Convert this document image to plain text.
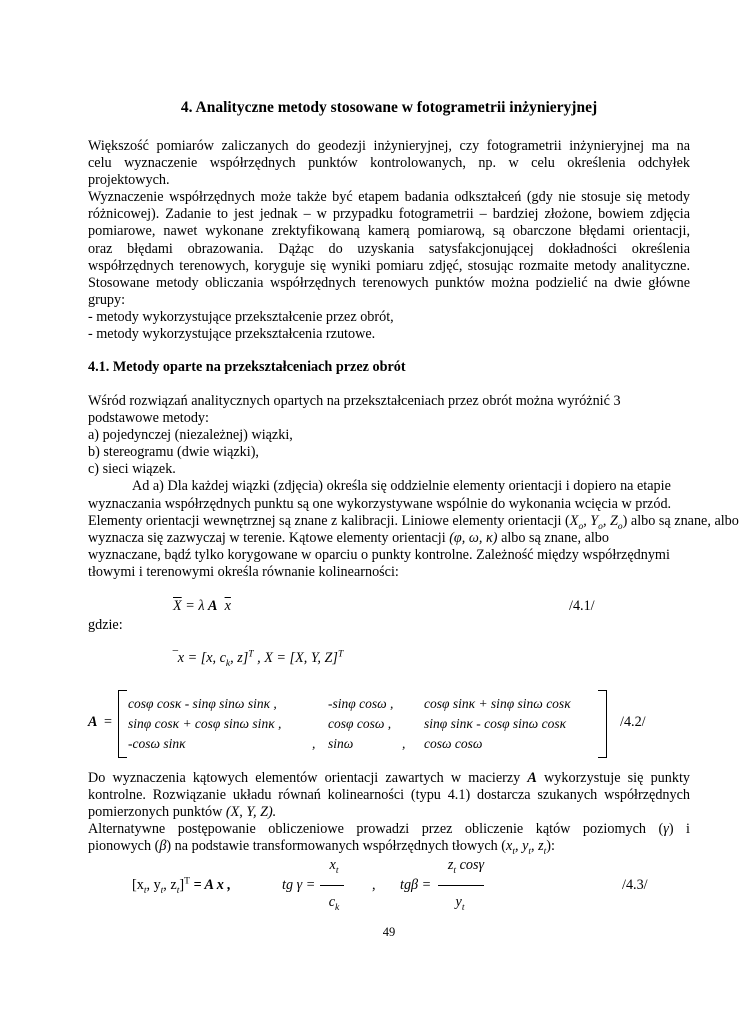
4. Analityczne metody stosowane w fotogrametrii inżynieryjnej
Większość pomiarów zaliczanych do geodezji inżynieryjnej, czy fotogrametrii inżynieryjnej ma na
celu wyznaczenie współrzędnych punktów kontrolowanych, np. w celu określenia odchyłek
projektowych.
Wyznaczenie współrzędnych może także być etapem badania odkształceń (gdy nie stosuje się metody
różnicowej). Zadanie to jest jednak – w przypadku fotogrametrii – bardziej złożone, bowiem zdjęcia
pomiarowe, nawet wykonane zrektyfikowaną kamerą pomiarową, są obarczone błędami orientacji,
oraz błędami obrazowania. Dążąc do uzyskania satysfakcjonującej dokładności określenia
współrzędnych terenowych, koryguje się wyniki pomiaru zdjęć, stosując rozmaite metody analityczne.
Stosowane metody obliczania współrzędnych terenowych punktów można podzielić na dwie główne
grupy:
- metody wykorzystujące przekształcenie przez obrót,
- metody wykorzystujące przekształcenia rzutowe.
4.1. Metody oparte na przekształceniach przez obrót
Wśród rozwiązań analitycznych opartych na przekształceniach przez obrót można wyróżnić 3
podstawowe metody:
a) pojedynczej (niezależnej) wiązki,
b) stereogramu (dwie wiązki),
c) sieci wiązek.
Ad a) Dla każdej wiązki (zdjęcia) określa się oddzielnie elementy orientacji i dopiero na etapie
wyznaczania współrzędnych punktu są one wykorzystywane wspólnie do wykonania wcięcia w przód.
Elementy orientacji wewnętrznej są znane z kalibracji. Liniowe elementy orientacji ($X_o$, $Y_o$, $Z_o$) albo są znane, albo
wyznacza się zazwyczaj w terenie. Kątowe elementy orientacji (φ, ω, κ) albo są znane, albo
wyznaczane, bądź tylko korygowane w oparciu o punkty kontrolne. Zależność między współrzędnymi
tłowymi i terenowymi określa równanie kolinearności:
$\overline{X} = \lambda$ A $\overline{x}$	/4.1/
gdzie:
‾x = [x, $c_k$, z]$^T$ , X = [X, Y, Z]$^T$
A =
cosφ cosκ - sinφ sinω sinκ ,	-sinφ cosω , cosφ sinκ + sinφ sinω cosκ
sinφ cosκ + cosφ sinω sinκ ,	cosφ cosω , sinφ sinκ - cosφ sinω cosκ
-cosω sinκ	, sinω	, cosω cosω
/4.2/
Do wyznaczenia kątowych elementów orientacji zawartych w macierzy A wykorzystuje się punkty
kontrolne. Rozwiązanie układu równań kolinearności (typu 4.1) dostarcza szukanych współrzędnych
pomierzonych punktów (X, Y, Z).
Alternatywne postępowanie obliczeniowe prowadzi przez obliczenie kątów poziomych (γ) i
pionowych (β) na podstawie transformowanych współrzędnych tłowych ($x_t$, $y_t$, $z_t$):
[$x_t$, $y_t$, $z_t]^T = A$ x ,	tg γ =
$x_t$
$c_k$
, tgβ =
$z_t$ cosγ
$y_t$
/4.3/
49
